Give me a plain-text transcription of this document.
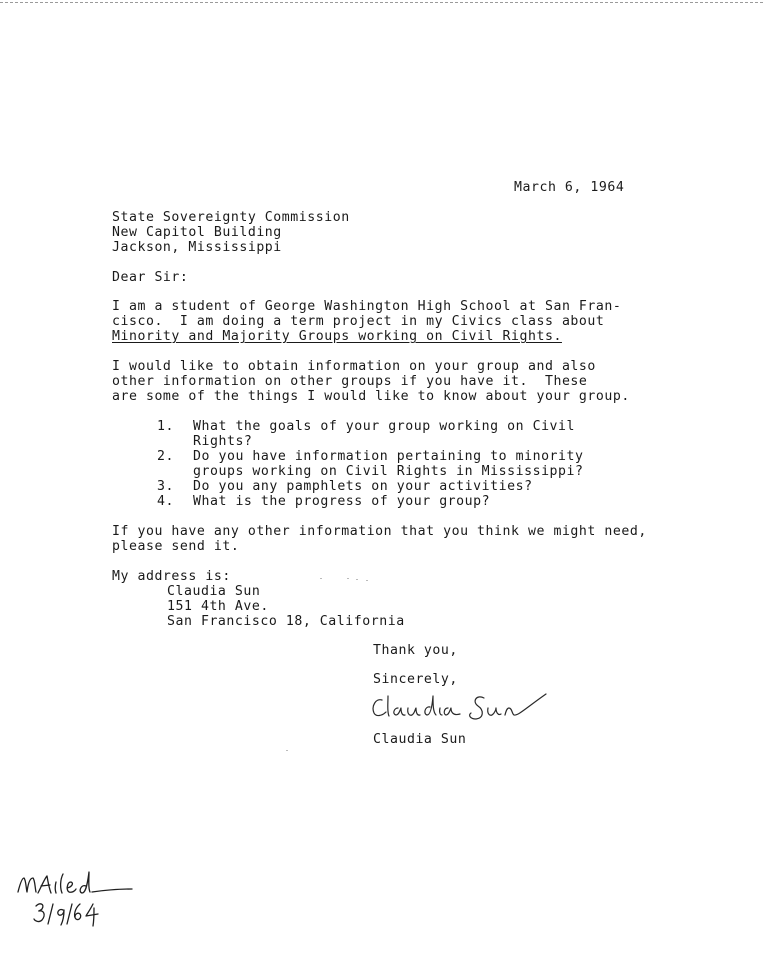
March 6, 1964
State Sovereignty Commission
New Capitol Building
Jackson, Mississippi
Dear Sir:
I am a student of George Washington High School at San Fran-
cisco.  I am doing a term project in my Civics class about
Minority and Majority Groups working on Civil Rights.
I would like to obtain information on your group and also
other information on other groups if you have it.  These
are some of the things I would like to know about your group.
1. What the goals of your group working on Civil
Rights?
2. Do you have information pertaining to minority
groups working on Civil Rights in Mississippi?
3. Do you any pamphlets on your activities?
4. What is the progress of your group?
If you have any other information that you think we might need,
please send it.
My address is:
Claudia Sun
151 4th Ave.
San Francisco 18, California
Thank you,
Sincerely,
Claudia Sun
